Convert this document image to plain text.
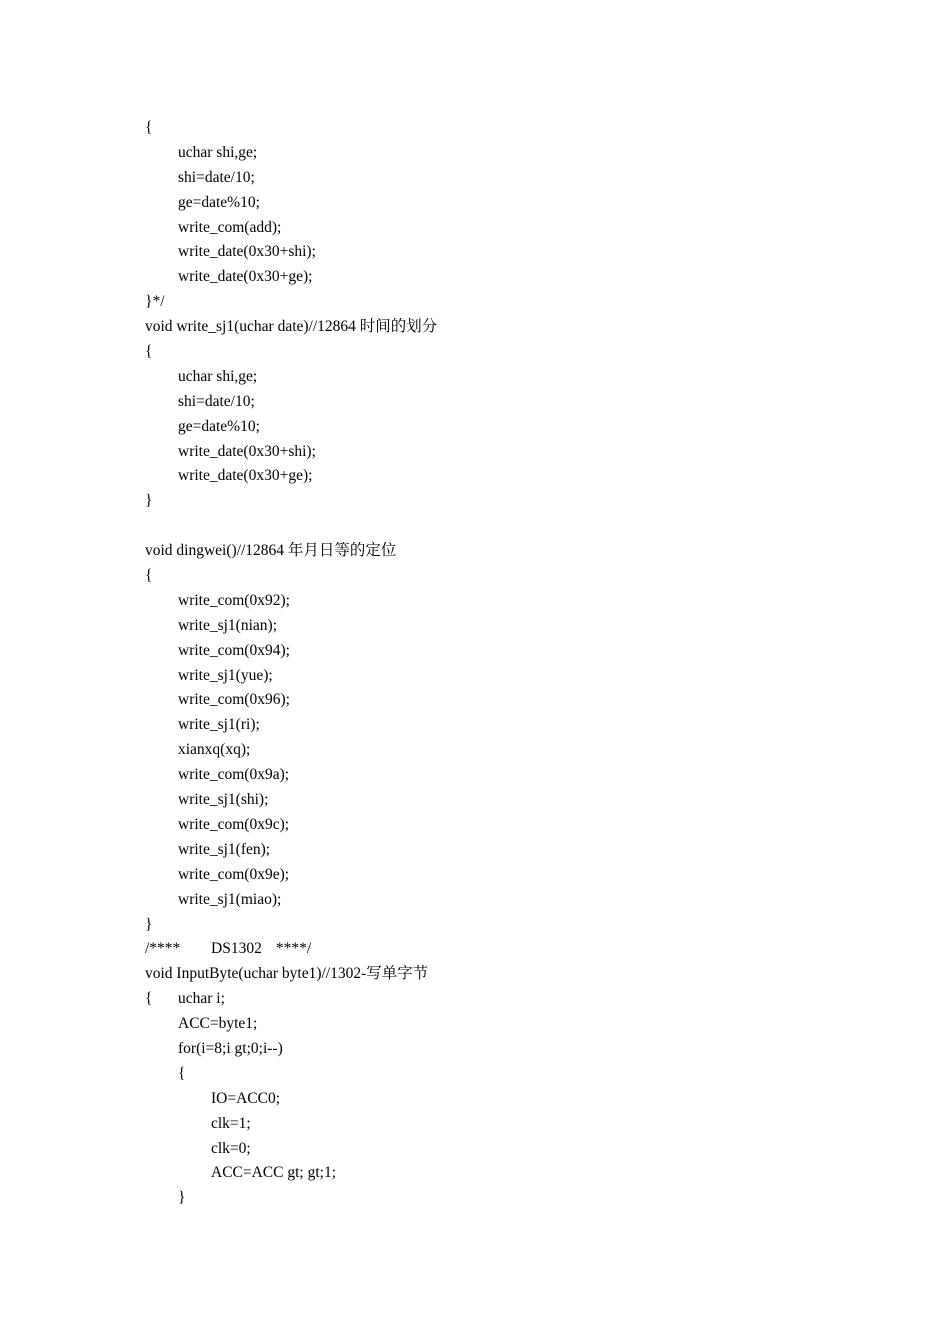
{
uchar shi,ge;
shi=date/10;
ge=date%10;
write_com(add);
write_date(0x30+shi);
write_date(0x30+ge);
}*/
void write_sj1(uchar date)//12864 时间的划分
{
uchar shi,ge;
shi=date/10;
ge=date%10;
write_date(0x30+shi);
write_date(0x30+ge);
}
void dingwei()//12864 年月日等的定位
{
write_com(0x92);
write_sj1(nian);
write_com(0x94);
write_sj1(yue);
write_com(0x96);
write_sj1(ri);
xianxq(xq);
write_com(0x9a);
write_sj1(shi);
write_com(0x9c);
write_sj1(fen);
write_com(0x9e);
write_sj1(miao);
}
/**** DS1302 ****/
void InputByte(uchar byte1)//1302-写单字节
{ uchar i;
ACC=byte1;
for(i=8;i gt;0;i--)
{
IO=ACC0;
clk=1;
clk=0;
ACC=ACC gt; gt;1;
}
